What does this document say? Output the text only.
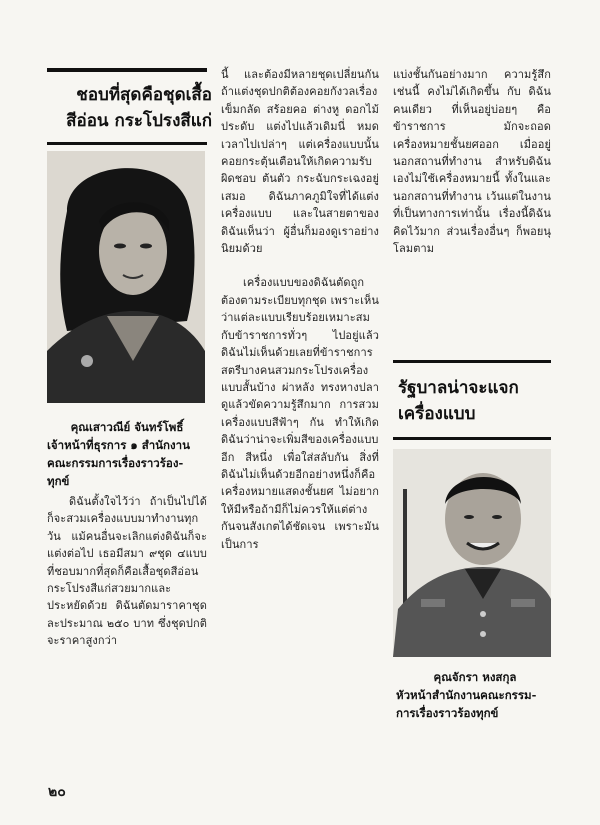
ชอบที่สุดคือชุดเสื้อ
สีอ่อน กระโปรงสีแก่
คุณเสาวณีย์ จันทร์โพธิ์
เจ้าหน้าที่ธุรการ ๑ สำนักงาน
คณะกรรมการเรื่องราวร้อง-
ทุกข์

ดิฉันตั้งใจไว้ว่า ถ้าเป็นไปได้ก็จะสวมเครื่องแบบมาทำงานทุกวัน แม้คนอื่นจะเลิกแต่งดิฉันก็จะแต่งต่อไป เธอมีสมา ๙ชุด ๔แบบ ที่ชอบมากที่สุดก็คือเสื้อชุดสีอ่อน กระโปรงสีแก่สวยมากและประหยัดด้วย ดิฉันตัดมาราคาชุดละประมาณ ๒๕๐ บาท ซึ่งชุดปกติจะราคาสูงกว่า

นี้ และต้องมีหลายชุดเปลี่ยนกัน ถ้าแต่งชุดปกติต้องคอยกังวลเรื่องเข็มกลัด สร้อยคอ ต่างหู ดอกไม้ประดับ แต่งไปแล้วเดิมนี่ หมดเวลาไปเปล่าๆ แต่เครื่องแบบนั้นคอยกระตุ้นเตือนให้เกิดความรับผิดชอบ ต้นตัว กระฉับกระเฉงอยู่เสมอ ดิฉันภาคภูมิใจที่ได้แต่งเครื่องแบบ และในสายตาของดิฉันเห็นว่า ผู้อื่นก็มองดูเราอย่างนิยมด้วย

เครื่องแบบของดิฉันตัดถูกต้องตามระเบียบทุกชุด เพราะเห็นว่าแต่ละแบบเรียบร้อยเหมาะสมกับข้าราชการทั่วๆ ไปอยู่แล้ว ดิฉันไม่เห็นด้วยเลยที่ข้าราชการสตรีบางคนสวมกระโปรงเครื่องแบบสั้นบ้าง ผ่าหลัง ทรงหางปลา ดูแล้วขัดความรู้สึกมาก การสวมเครื่องแบบสีฟ้าๆ กัน ทำให้เกิด ดิฉันว่าน่าจะเพิ่มสีของเครื่องแบบอีก สีหนึ่ง เพื่อใส่สลับกัน สิ่งที่ดิฉันไม่เห็นด้วยอีกอย่างหนึ่งก็คือ เครื่องหมายแสดงชั้นยศ ไม่อยากให้มีหรือถ้ามีก็ไม่ควรให้แต่ต่างกันจนสังเกตได้ชัดเจน เพราะมันเป็นการ

แบ่งชั้นกันอย่างมาก ความรู้สึกเช่นนี้ คงไม่ได้เกิดขึ้น กับ ดิฉันคนเดียว ที่เห็นอยู่บ่อยๆ คือข้าราชการ มักจะถอดเครื่องหมายชั้นยศออก เมื่ออยู่นอกสถานที่ทำงาน สำหรับดิฉันเองไม่ใช้เครื่องหมายนี้ ทั้งในและนอกสถานที่ทำงาน เว้นแต่ในงานที่เป็นทางการเท่านั้น เรื่องนี้ดิฉันคิดไว้มาก ส่วนเรื่องอื่นๆ ก็พอยนุโลมตาม

รัฐบาลน่าจะแจก
เครื่องแบบ
คุณจักรา หงสกุล
หัวหน้าสำนักงานคณะกรรม-
การเรื่องราวร้องทุกข์
๒๐
